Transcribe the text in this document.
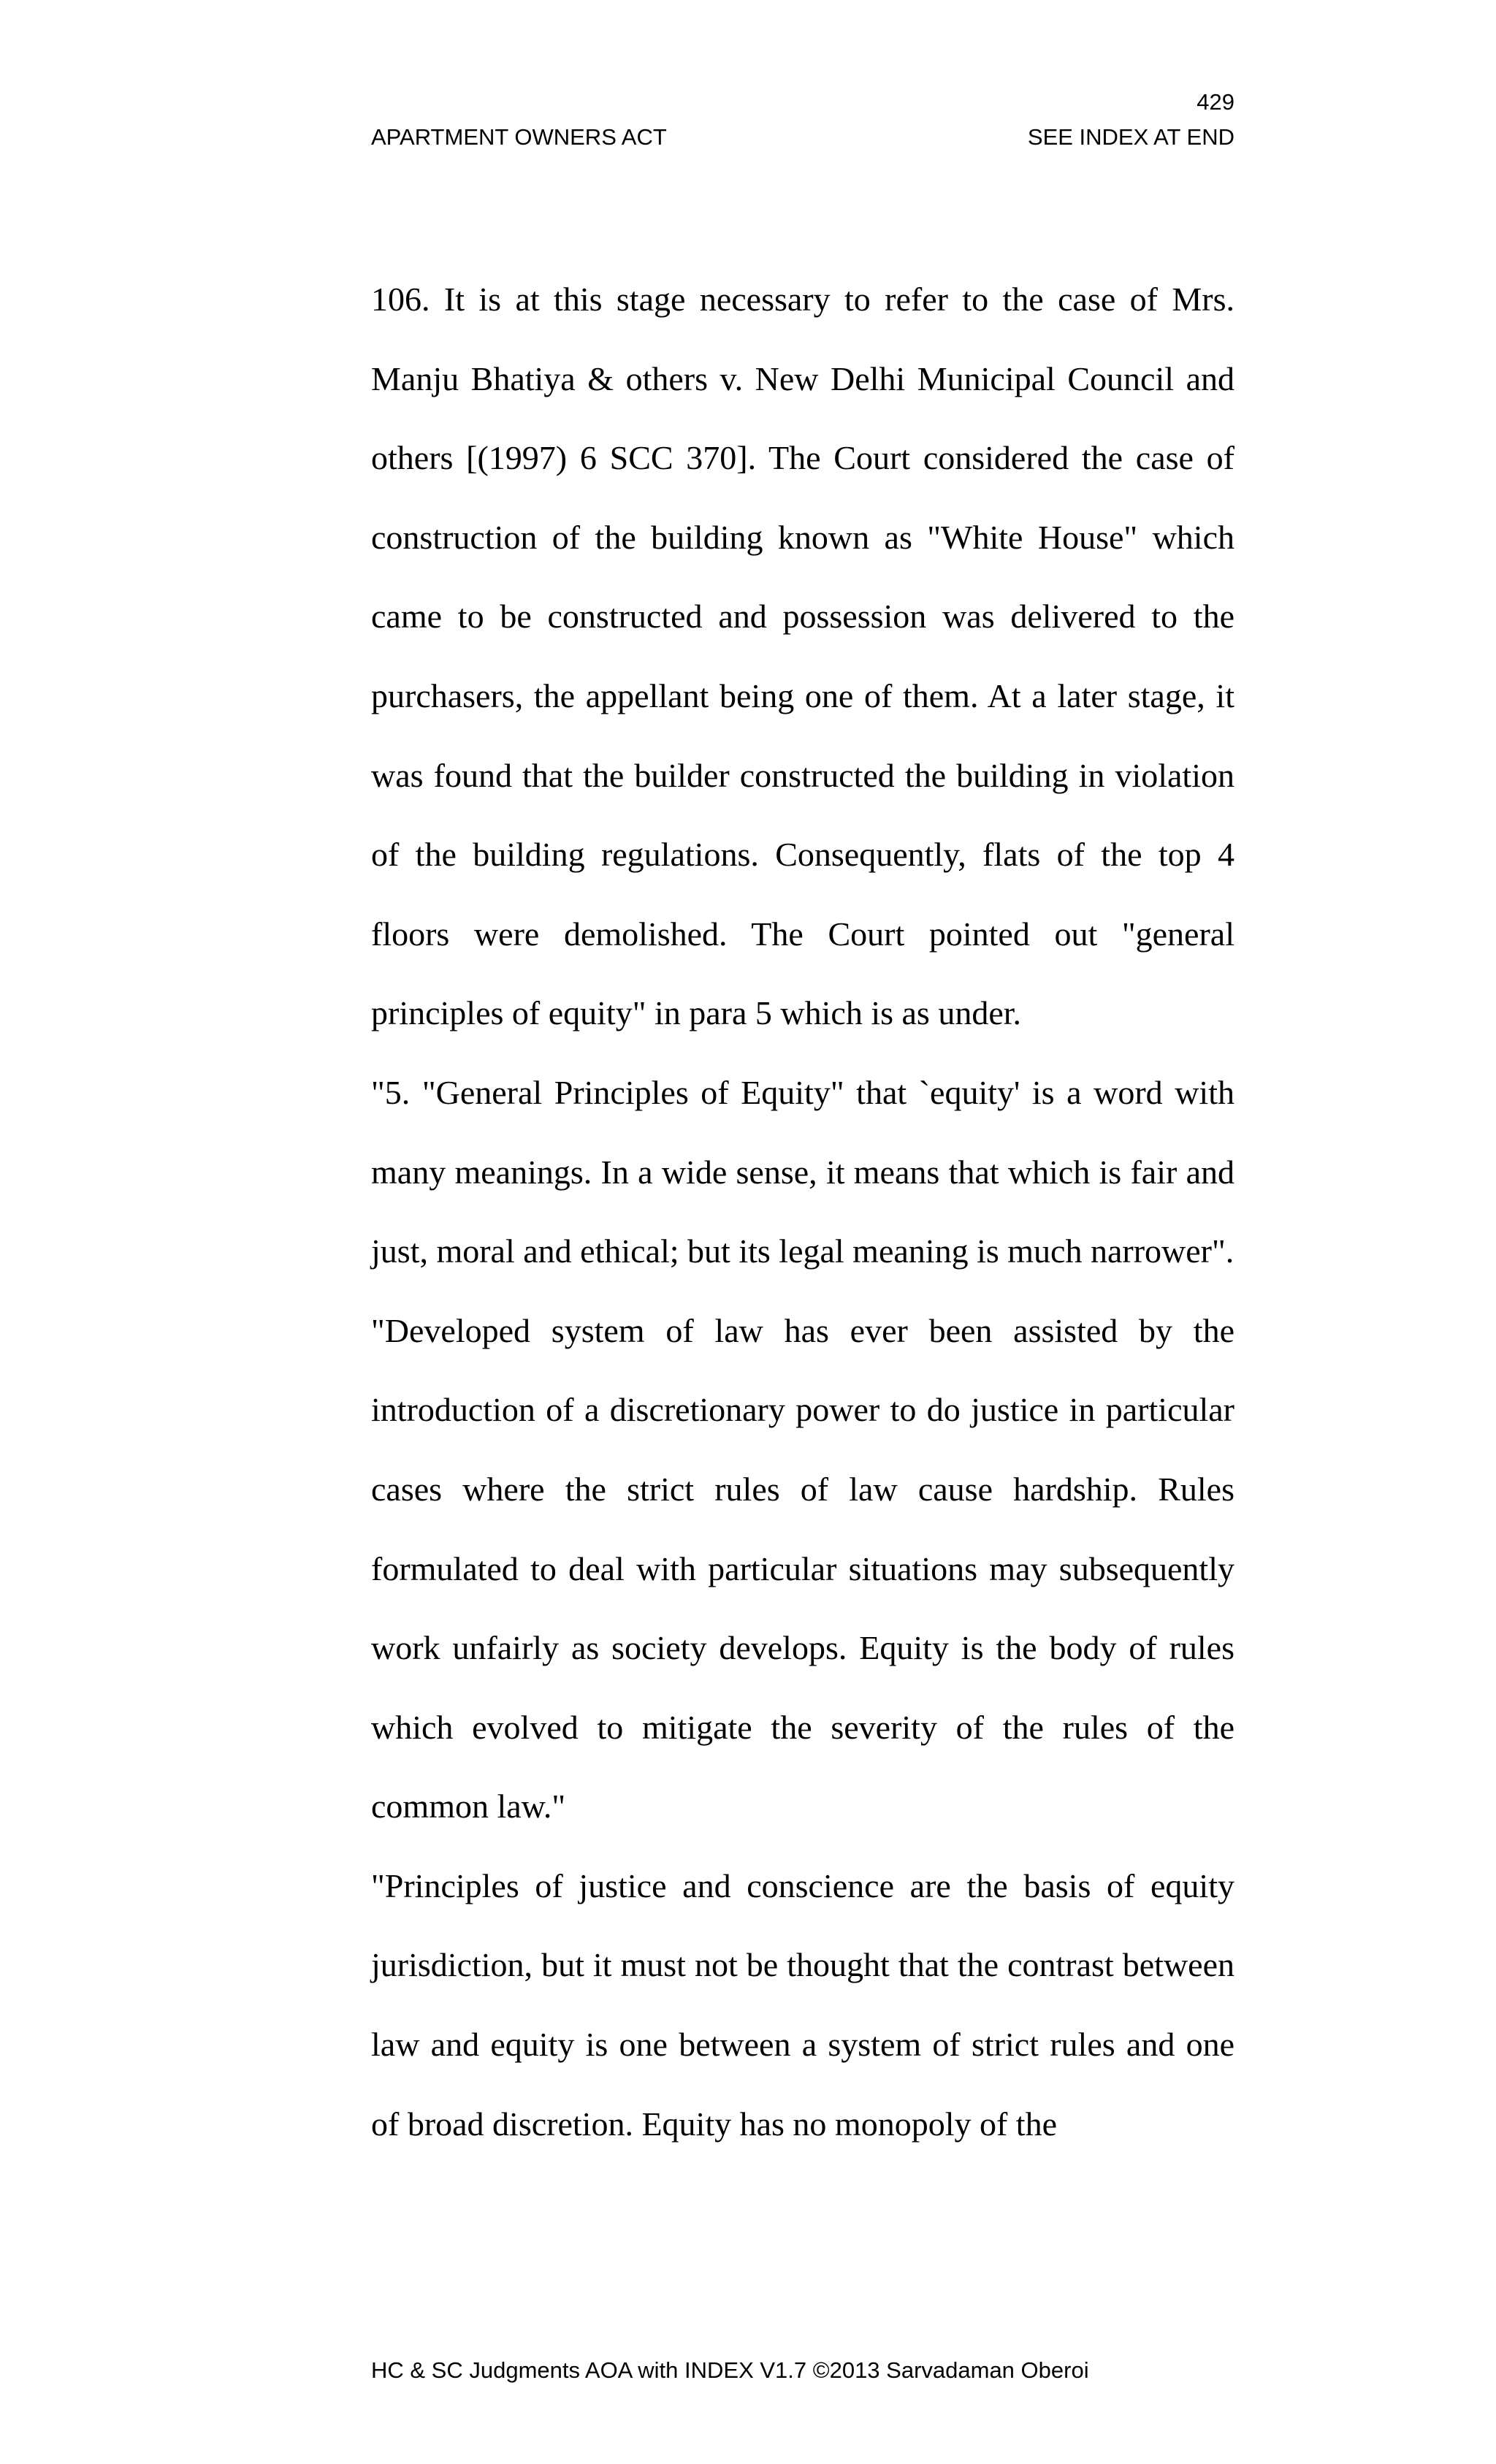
429
APARTMENT OWNERS ACT	SEE INDEX AT END

106. It is at this stage necessary to refer to the case of Mrs. Manju Bhatiya & others v. New Delhi Municipal Council and others [(1997) 6 SCC 370]. The Court considered the case of construction of the building known as "White House" which came to be constructed and possession was delivered to the purchasers, the appellant being one of them. At a later stage, it was found that the builder constructed the building in violation of the building regulations. Consequently, flats of the top 4 floors were demolished. The Court pointed out "general principles of equity" in para 5 which is as under.

"5. "General Principles of Equity" that `equity' is a word with many meanings. In a wide sense, it means that which is fair and just, moral and ethical; but its legal meaning is much narrower".

"Developed system of law has ever been assisted by the introduction of a discretionary power to do justice in particular cases where the strict rules of law cause hardship. Rules formulated to deal with particular situations may subsequently work unfairly as society develops. Equity is the body of rules which evolved to mitigate the severity of the rules of the common law."

"Principles of justice and conscience are the basis of equity jurisdiction, but it must not be thought that the contrast between law and equity is one between a system of strict rules and one of broad discretion. Equity has no monopoly of the

HC & SC Judgments AOA with INDEX V1.7 ©2013 Sarvadaman Oberoi
